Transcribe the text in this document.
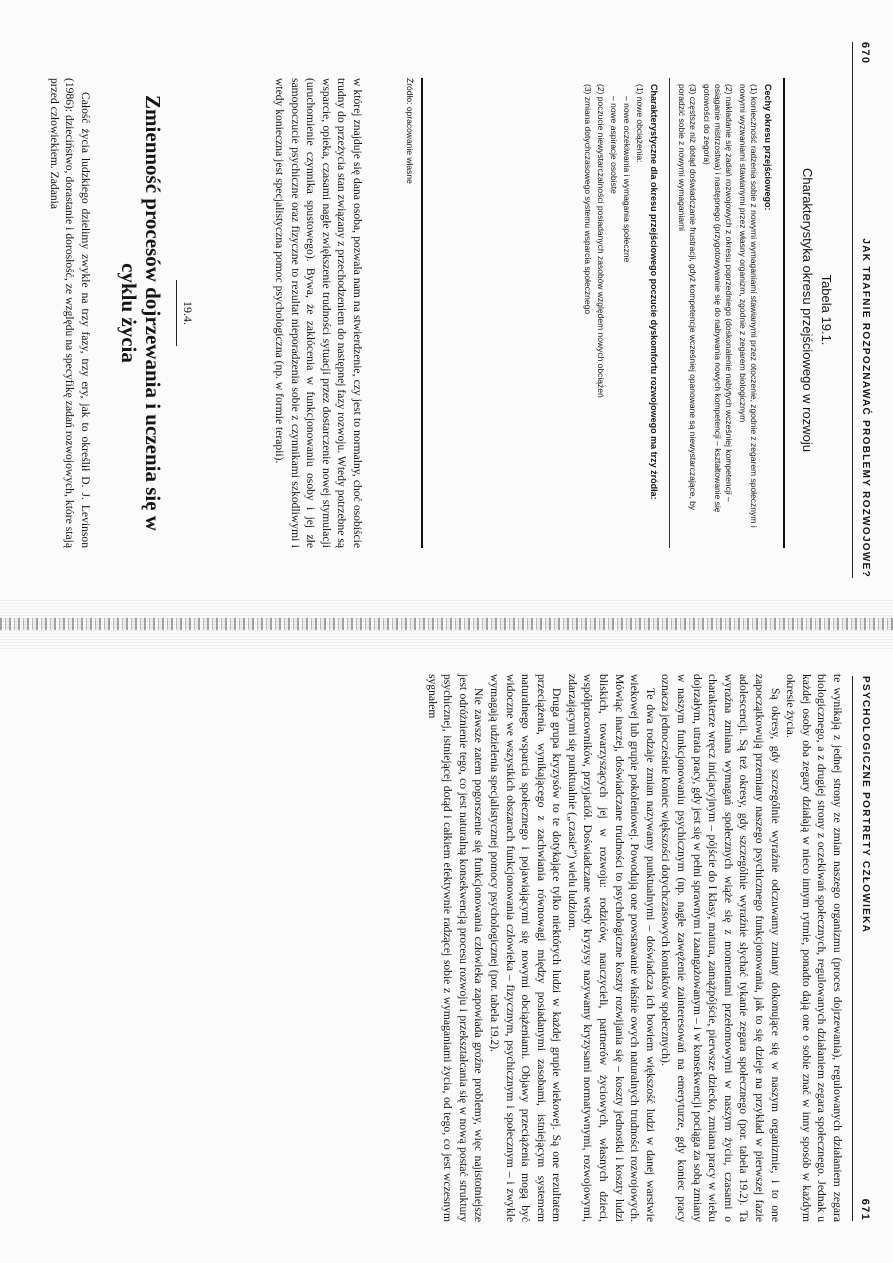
670
JAK TRAFNIE ROZPOZNAWAĆ PROBLEMY ROZWOJOWE?
Tabela 19.1.
Charakterystyka okresu przejściowego w rozwoju
Cechy okresu przejściowego:
(1) konieczność radzenia sobie z nowymi wymaganiami stawianymi przez otoczenie, zgodnie z zegarem społecznym i nowymi wyzwaniami stawianymi przez własny organizm, zgodnie z zegarem biologicznym
(2) nakładanie się zadań rozwojowych z okresu poprzedniego (doskonalenie nabytych wcześniej kompetencji – osiąganie mistrzostwa) i następnego (przygotowywanie się do nabywania nowych kompetencji – kształtowanie się gotowości do zegora)
(3) częstsze niż dotąd doświadczanie frustracji, gdyż kompetencje wcześniej opanowane są niewystarczające, by poradzić sobie z nowymi wymaganiami
Charakterystyczne dla okresu przejściowego poczucie dyskomfortu rozwojowego ma trzy źródła:
(1) nowe obciążenia:
– nowe oczekiwania i wymagania społeczne
– nowe aspiracje osobiste
(2) poczucie niewystarczalności posiadanych zasobów względem nowych obciążeń
(3) zmiana dotychczasowego systemu wsparcia społecznego
Źródło: opracowanie własne

w której znajduje się dana osoba, pozwala nam na stwierdzenie, czy jest to normalny, choć osobiście trudny do przeżycia stan związany z przechodzeniem do następnej fazy rozwoju. Wtedy potrzebne są wsparcie, opieka, czasami nagłe zwiększenie trudności sytuacji przez dostarczenie nowej stymulacji (uruchomienie czynnika spustowego). Bywa, że zakłócenia w funkcjonowaniu osoby i jej złe samopoczucie psychiczne oraz fizyczne to rezultat nieporadzenia sobie z czynnikami szkodliwymi i wtedy konieczna jest specjalistyczna pomoc psychologiczna (np. w formie terapii).

19.4.
Zmienność procesów dojrzewania i uczenia się w cyklu życia

Całość życia ludzkiego dzielimy zwykle na trzy fazy, trzy ery, jak to określił D. J. Levinson (1986): dzieciństwo, dorastanie i dorosłość, ze względu na specyfikę zadań rozwojowych, które stają przed człowiekiem. Zadania

PSYCHOLOGICZNE PORTRETY CZŁOWIEKA
671

te wynikają z jednej strony ze zmian naszego organizmu (proces dojrzewania), regulowanych działaniem zegara biologicznego, a z drugiej strony z oczekiwań społecznych, regulowanych działaniem zegara społecznego. Jednak u każdej osoby oba zegary działają w nieco innym rytmie, ponadto dają one o sobie znać w inny sposób w każdym okresie życia.

Są okresy, gdy szczególnie wyraźnie odczuwamy zmiany dokonujące się w naszym organizmie, i to one zapoczątkowują przemiany naszego psychicznego funkcjonowania, jak to się dzieje na przykład w pierwszej fazie adolescencji. Są też okresy, gdy szczególnie wyraźnie słychać tykanie zegara społecznego (por. tabela 19.2). Ta wyraźna zmiana wymagań społecznych wiąże się z momentami przełomowymi w naszym życiu, czasami o charakterze wręcz inicjacyjnym – pójście do I klasy, matura, zamążpójście, pierwsze dziecko, zmiana pracy w wieku dojrzałym, utrata pracy, gdy jest się w pełni sprawnym i zaangażowanym – i w konsekwencji pociąga za sobą zmiany w naszym funkcjonowaniu psychicznym (np. nagłe zawężenie zainteresowań na emeryturze, gdy koniec pracy oznacza jednocześnie koniec większości dotychczasowych kontaktów społecznych).

Te dwa rodzaje zmian nazywamy punktualnymi – doświadcza ich bowiem większość ludzi w danej warstwie wiekowej lub grupie pokoleniowej. Powodują one powstawanie właśnie owych naturalnych trudności rozwojowych. Mówiąc inaczej, doświadczane trudności to psychologiczne koszty rozwijania się – koszty jednostki i koszty ludzi bliskich, towarzyszących jej w rozwoju: rodziców, nauczycieli, partnerów życiowych, własnych dzieci, współpracowników, przyjaciół. Doświadczane wtedy kryzysy nazywamy kryzysami normatywnymi, rozwojowymi, zdarzającymi się punktualnie („czasie”) wielu ludziom.

Druga grupa kryzysów to te dotykające tylko niektórych ludzi w każdej grupie wiekowej. Są one rezultatem przeciążenia, wynikającego z zachwiania równowagi między posiadanymi zasobami, istniejącym systemem naturalnego wsparcia społecznego i pojawiającymi się nowymi obciążeniami. Objawy przeciążenia mogą być widoczne we wszystkich obszarach funkcjonowania człowieka – fizycznym, psychicznym i społecznym – i zwykle wymagają udzielenia specjalistycznej pomocy psychologicznej (por. tabela 19.2).

Nie zawsze zatem pogorszenie się funkcjonowania człowieka zapowiada groźne problemy, więc najistotniejsze jest odróżnienie tego, co jest naturalną konsekwencją procesu rozwoju i przekształcania się w nową postać struktury psychicznej, istniejącej dotąd i całkiem efektywnie radzącej sobie z wymaganiami życia, od tego, co jest wczesnym sygnałem
